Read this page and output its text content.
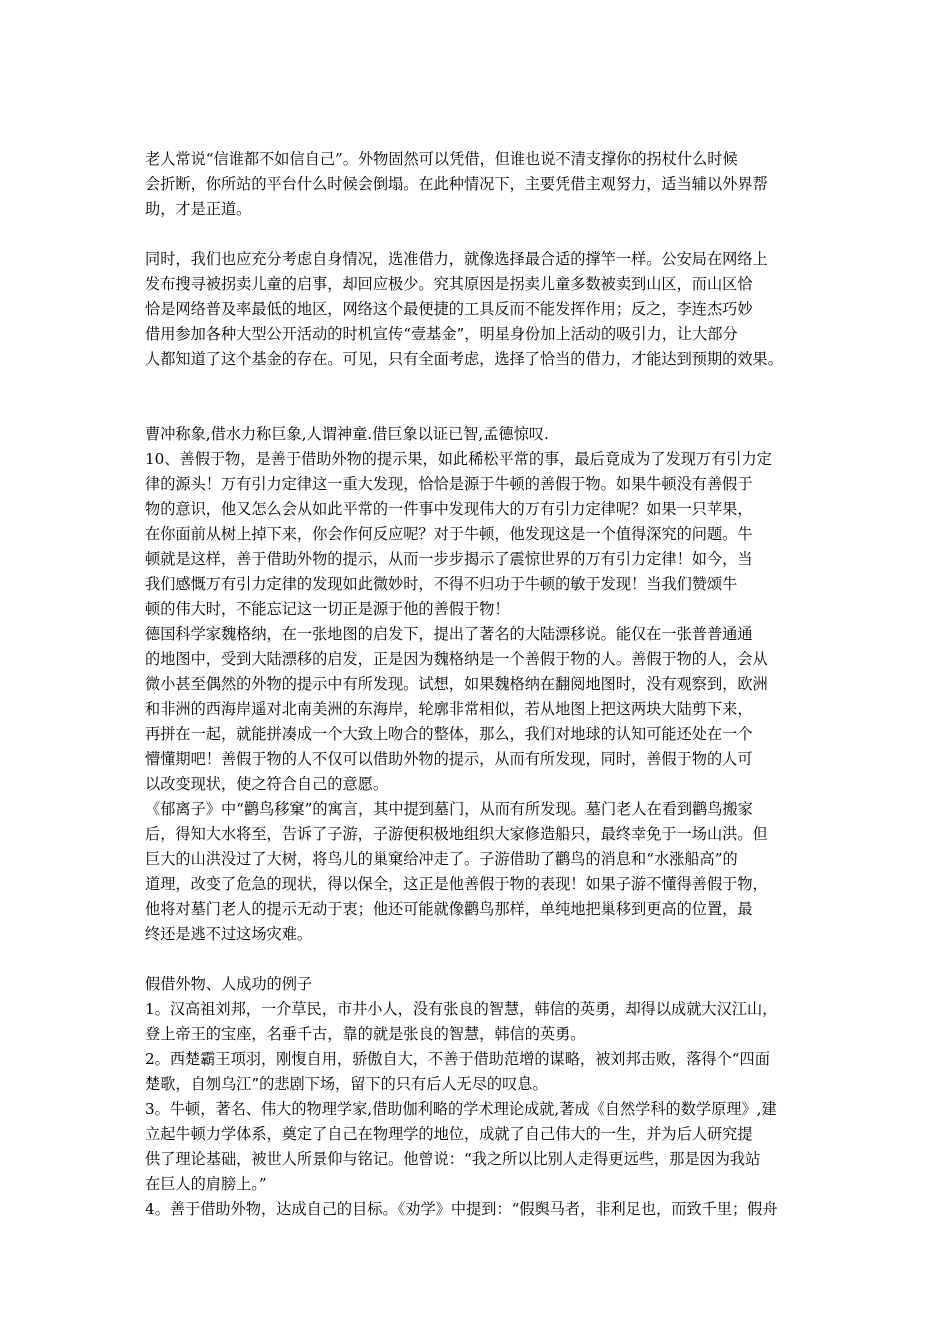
老人常说“信谁都不如信自己”。外物固然可以凭借，但谁也说不清支撑你的拐杖什么时候
会折断，你所站的平台什么时候会倒塌。在此种情况下，主要凭借主观努力，适当辅以外界帮
助，才是正道。
同时，我们也应充分考虑自身情况，选准借力，就像选择最合适的撑竿一样。公安局在网络上
发布搜寻被拐卖儿童的启事，却回应极少。究其原因是拐卖儿童多数被卖到山区，而山区恰
恰是网络普及率最低的地区，网络这个最便捷的工具反而不能发挥作用；反之，李连杰巧妙
借用参加各种大型公开活动的时机宣传“壹基金”，明星身份加上活动的吸引力，让大部分
人都知道了这个基金的存在。可见，只有全面考虑，选择了恰当的借力，才能达到预期的效果。
曹冲称象,借水力称巨象,人谓神童.借巨象以证已智,孟德惊叹.
10、善假于物，是善于借助外物的提示果，如此稀松平常的事，最后竟成为了发现万有引力定
律的源头！万有引力定律这一重大发现，恰恰是源于牛顿的善假于物。如果牛顿没有善假于
物的意识，他又怎么会从如此平常的一件事中发现伟大的万有引力定律呢？如果一只苹果，
在你面前从树上掉下来，你会作何反应呢？对于牛顿，他发现这是一个值得深究的问题。牛
顿就是这样，善于借助外物的提示，从而一步步揭示了震惊世界的万有引力定律！如今，当
我们感慨万有引力定律的发现如此微妙时，不得不归功于牛顿的敏于发现！当我们赞颂牛
顿的伟大时，不能忘记这一切正是源于他的善假于物！
德国科学家魏格纳，在一张地图的启发下，提出了著名的大陆漂移说。能仅在一张普普通通
的地图中，受到大陆漂移的启发，正是因为魏格纳是一个善假于物的人。善假于物的人，会从
微小甚至偶然的外物的提示中有所发现。试想，如果魏格纳在翻阅地图时，没有观察到，欧洲
和非洲的西海岸遥对北南美洲的东海岸，轮廓非常相似，若从地图上把这两块大陆剪下来，
再拼在一起，就能拼凑成一个大致上吻合的整体，那么，我们对地球的认知可能还处在一个
懵懂期吧！善假于物的人不仅可以借助外物的提示，从而有所发现，同时，善假于物的人可
以改变现状，使之符合自己的意愿。
《郁离子》中“鹳鸟移窠”的寓言，其中提到墓门，从而有所发现。墓门老人在看到鹳鸟搬家
后，得知大水将至，告诉了子游，子游便积极地组织大家修造船只，最终幸免于一场山洪。但
巨大的山洪没过了大树，将鸟儿的巢窠给冲走了。子游借助了鹳鸟的消息和“水涨船高”的
道理，改变了危急的现状，得以保全，这正是他善假于物的表现！如果子游不懂得善假于物，
他将对墓门老人的提示无动于衷；他还可能就像鹳鸟那样，单纯地把巢移到更高的位置，最
终还是逃不过这场灾难。
假借外物、人成功的例子
1。汉高祖刘邦，一介草民，市井小人，没有张良的智慧，韩信的英勇，却得以成就大汉江山，
登上帝王的宝座，名垂千古，靠的就是张良的智慧，韩信的英勇。
2。西楚霸王项羽，刚愎自用，骄傲自大，不善于借助范增的谋略，被刘邦击败，落得个“四面
楚歌，自刎乌江”的悲剧下场，留下的只有后人无尽的叹息。
3。牛顿，著名、伟大的物理学家,借助伽利略的学术理论成就,著成《自然学科的数学原理》,建
立起牛顿力学体系，奠定了自己在物理学的地位，成就了自己伟大的一生，并为后人研究提
供了理论基础，被世人所景仰与铭记。他曾说：“我之所以比别人走得更远些，那是因为我站
在巨人的肩膀上。”
4。善于借助外物，达成自己的目标。《劝学》中提到：“假舆马者，非利足也，而致千里；假舟
